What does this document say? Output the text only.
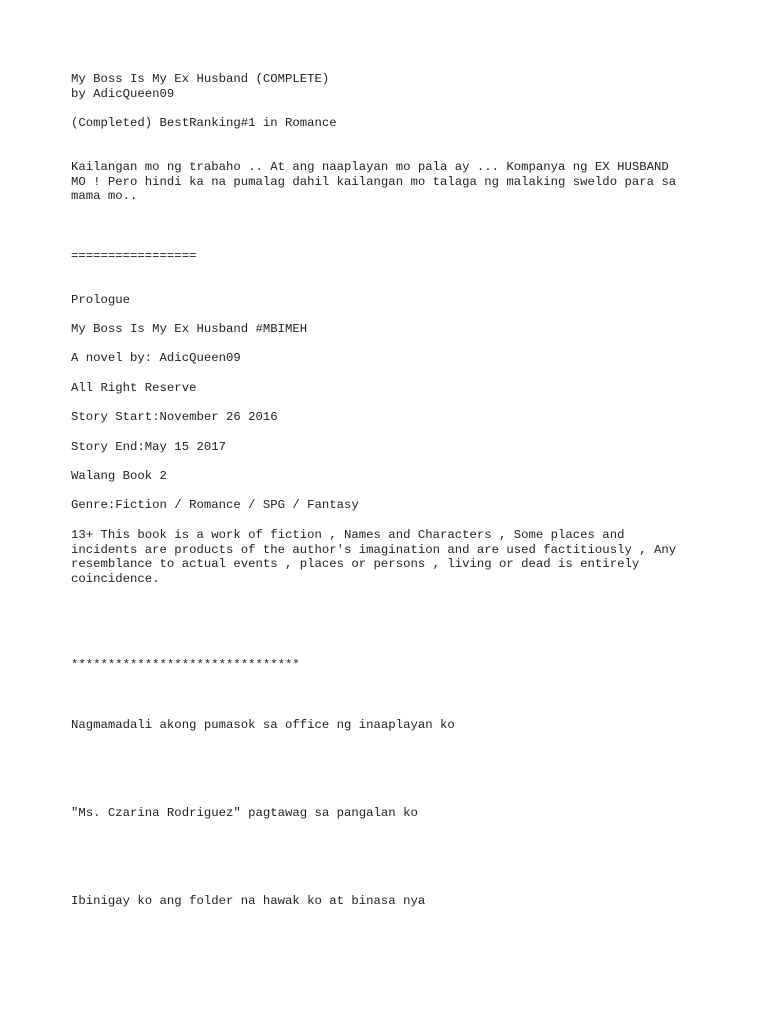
My Boss Is My Ex Husband (COMPLETE)
by AdicQueen09
(Completed) BestRanking#1 in Romance
Kailangan mo ng trabaho .. At ang naaplayan mo pala ay ... Kompanya ng EX HUSBAND
MO ! Pero hindi ka na pumalag dahil kailangan mo talaga ng malaking sweldo para sa
mama mo..
=================
Prologue
My Boss Is My Ex Husband #MBIMEH
A novel by: AdicQueen09
All Right Reserve
Story Start:November 26 2016
Story End:May 15 2017
Walang Book 2
Genre:Fiction / Romance / SPG / Fantasy
13+ This book is a work of fiction , Names and Characters , Some places and
incidents are products of the author's imagination and are used factitiously , Any
resemblance to actual events , places or persons , living or dead is entirely
coincidence.
*******************************
Nagmamadali akong pumasok sa office ng inaaplayan ko
"Ms. Czarina Rodriguez" pagtawag sa pangalan ko
Ibinigay ko ang folder na hawak ko at binasa nya
